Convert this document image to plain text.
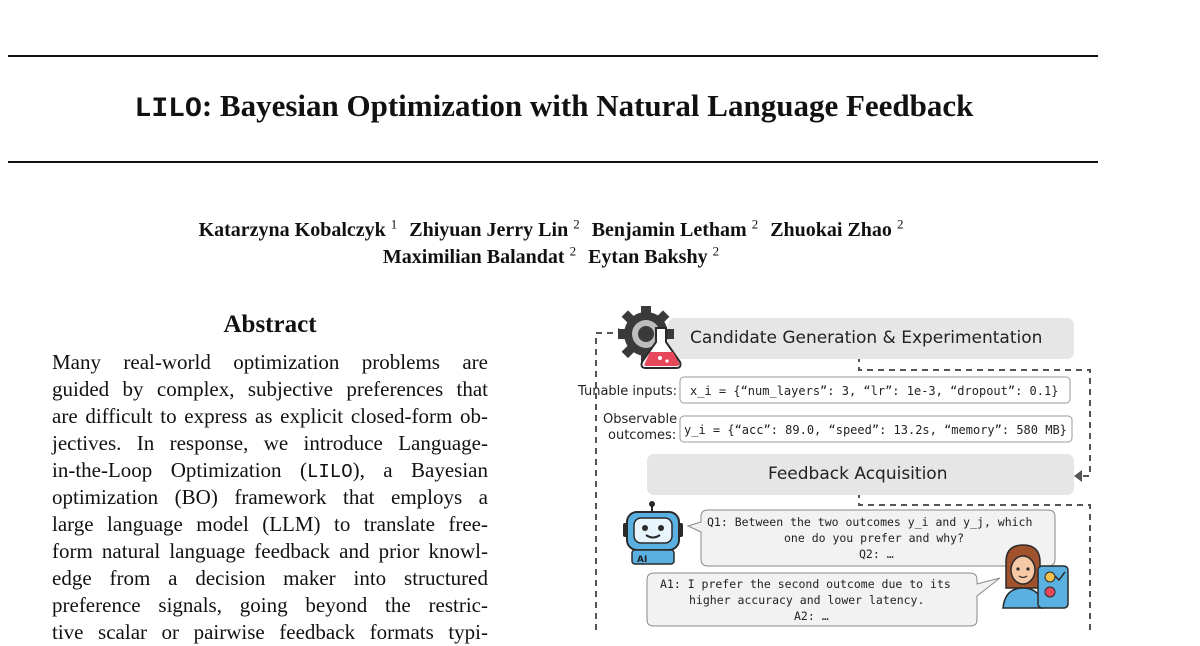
LILO: Bayesian Optimization with Natural Language Feedback
Katarzyna Kobalczyk $^1$ Zhiyuan Jerry Lin $^2$ Benjamin Letham $^2$ Zhuokai Zhao $^2$
Maximilian Balandat $^2$ Eytan Bakshy $^2$
Abstract
Many real-world optimization problems are
guided by complex, subjective preferences that
are difficult to express as explicit closed-form ob-
jectives. In response, we introduce Language-
in-the-Loop Optimization (LILO), a Bayesian
optimization (BO) framework that employs a
large language model (LLM) to translate free-
form natural language feedback and prior knowl-
edge from a decision maker into structured
preference signals, going beyond the restric-
tive scalar or pairwise feedback formats typi-
Candidate Generation & Experimentation
Tunable inputs: x_i = {“num_layers”: 3, “lr”: 1e-3, “dropout”: 0.1}
Observable
outcomes: y_i = {“acc”: 89.0, “speed”: 13.2s, “memory”: 580 MB}
Feedback Acquisition
AI
Q1: Between the two outcomes y_i and y_j, which
one do you prefer and why?
Q2: …
A1: I prefer the second outcome due to its
higher accuracy and lower latency.
A2: …
